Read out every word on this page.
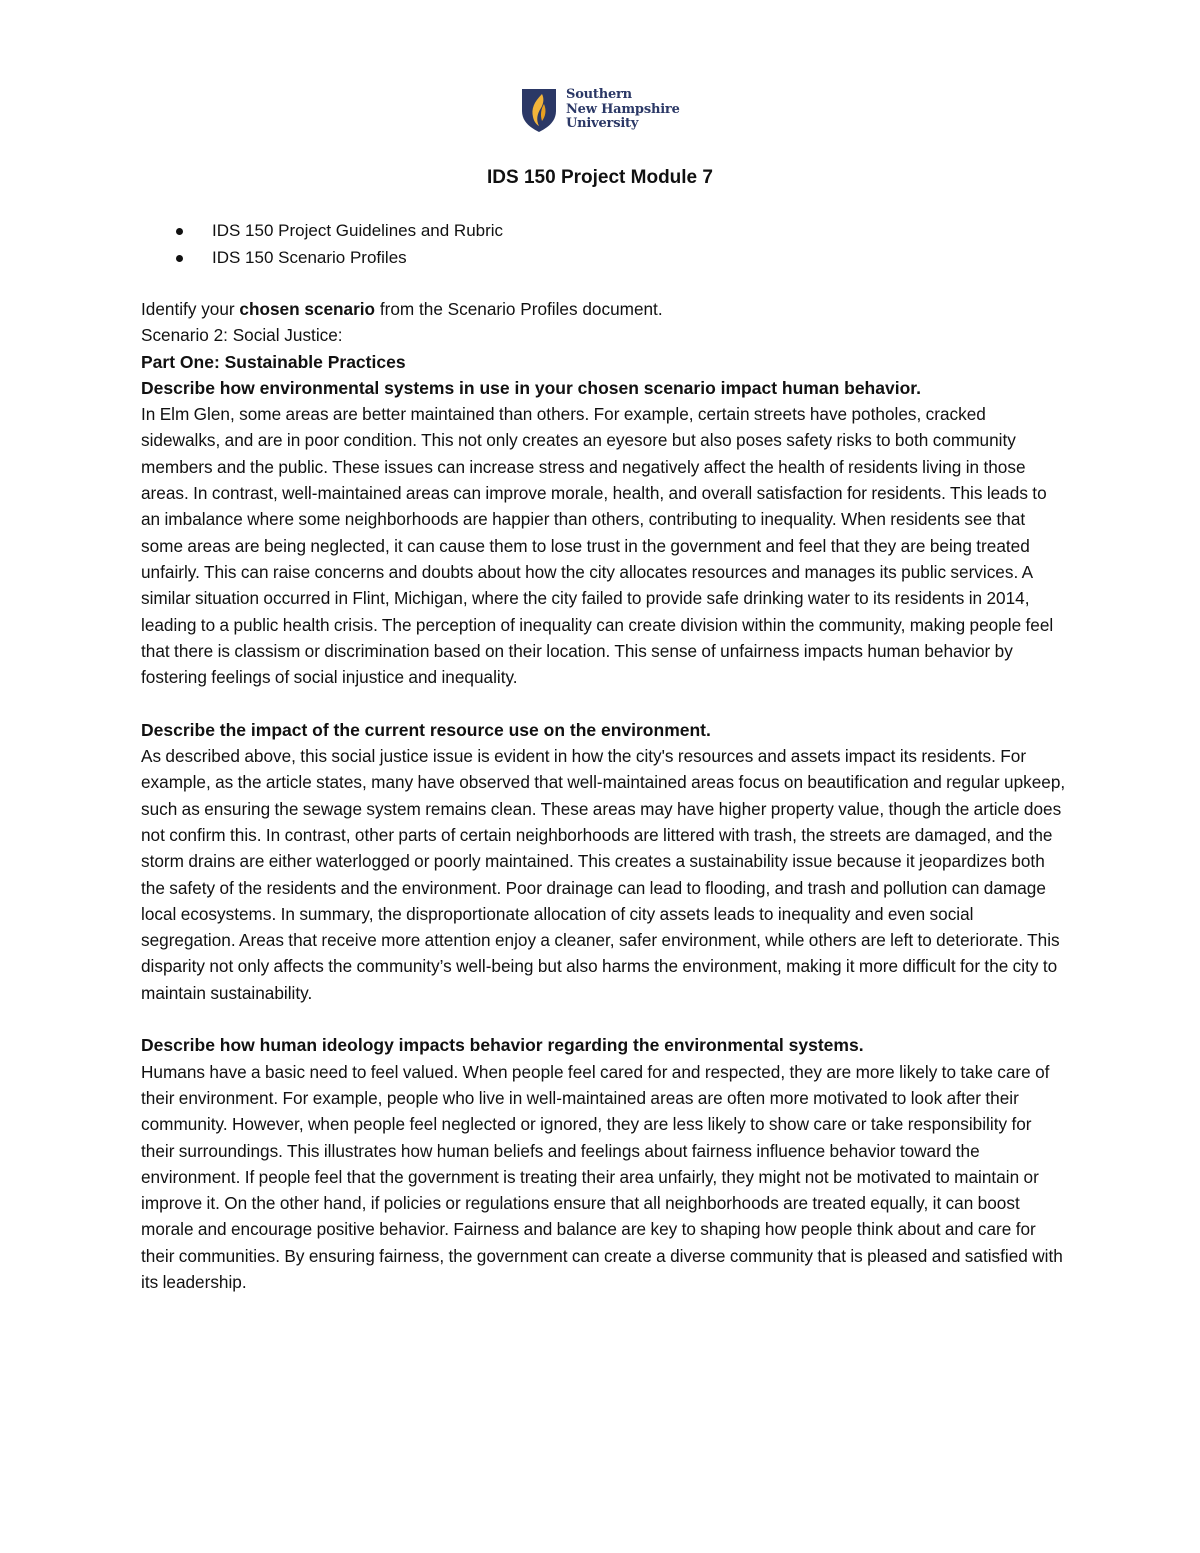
Southern
New Hampshire
University
IDS 150 Project Module 7
IDS 150 Project Guidelines and Rubric
IDS 150 Scenario Profiles

Identify your chosen scenario from the Scenario Profiles document.

Scenario 2: Social Justice:

Part One: Sustainable Practices

Describe how environmental systems in use in your chosen scenario impact human behavior.

In Elm Glen, some areas are better maintained than others. For example, certain streets have potholes, cracked sidewalks, and are in poor condition. This not only creates an eyesore but also poses safety risks to both community members and the public. These issues can increase stress and negatively affect the health of residents living in those areas. In contrast, well-maintained areas can improve morale, health, and overall satisfaction for residents. This leads to an imbalance where some neighborhoods are happier than others, contributing to inequality. When residents see that some areas are being neglected, it can cause them to lose trust in the government and feel that they are being treated unfairly. This can raise concerns and doubts about how the city allocates resources and manages its public services. A similar situation occurred in Flint, Michigan, where the city failed to provide safe drinking water to its residents in 2014, leading to a public health crisis. The perception of inequality can create division within the community, making people feel that there is classism or discrimination based on their location. This sense of unfairness impacts human behavior by fostering feelings of social injustice and inequality.

Describe the impact of the current resource use on the environment.

As described above, this social justice issue is evident in how the city's resources and assets impact its residents. For example, as the article states, many have observed that well-maintained areas focus on beautification and regular upkeep, such as ensuring the sewage system remains clean. These areas may have higher property value, though the article does not confirm this. In contrast, other parts of certain neighborhoods are littered with trash, the streets are damaged, and the storm drains are either waterlogged or poorly maintained. This creates a sustainability issue because it jeopardizes both the safety of the residents and the environment. Poor drainage can lead to flooding, and trash and pollution can damage local ecosystems. In summary, the disproportionate allocation of city assets leads to inequality and even social segregation. Areas that receive more attention enjoy a cleaner, safer environment, while others are left to deteriorate. This disparity not only affects the community’s well-being but also harms the environment, making it more difficult for the city to maintain sustainability.

Describe how human ideology impacts behavior regarding the environmental systems.

Humans have a basic need to feel valued. When people feel cared for and respected, they are more likely to take care of their environment. For example, people who live in well-maintained areas are often more motivated to look after their community. However, when people feel neglected or ignored, they are less likely to show care or take responsibility for their surroundings. This illustrates how human beliefs and feelings about fairness influence behavior toward the environment. If people feel that the government is treating their area unfairly, they might not be motivated to maintain or improve it. On the other hand, if policies or regulations ensure that all neighborhoods are treated equally, it can boost morale and encourage positive behavior. Fairness and balance are key to shaping how people think about and care for their communities. By ensuring fairness, the government can create a diverse community that is pleased and satisfied with its leadership.
